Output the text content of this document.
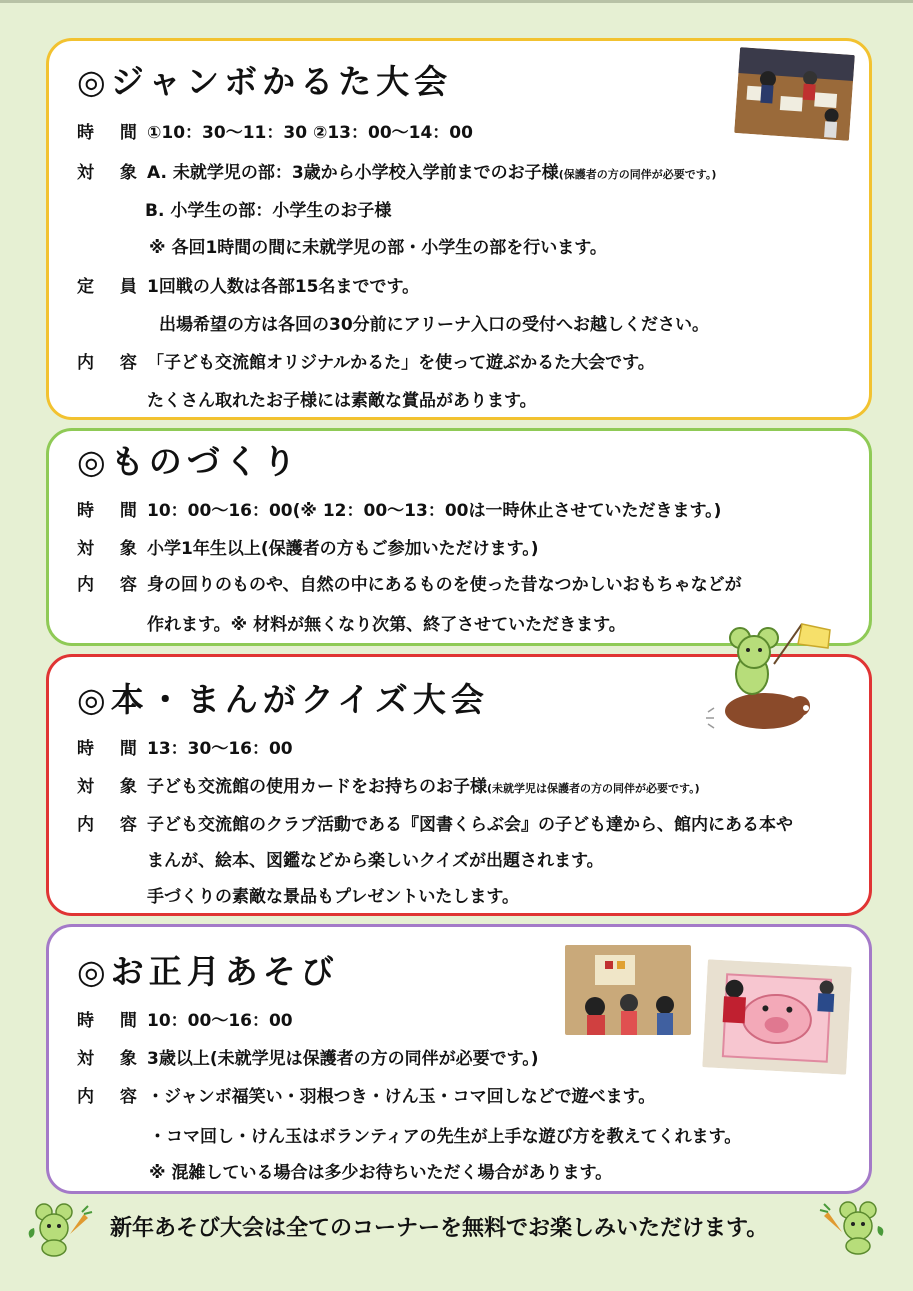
◎ジャンボかるた大会
時 間①10：30〜11：30 ②13：00〜14：00
対 象A. 未就学児の部：3歳から小学校入学前までのお子様(保護者の方の同伴が必要です。)
B. 小学生の部：小学生のお子様
※ 各回1時間の間に未就学児の部・小学生の部を行います。
定 員1回戦の人数は各部15名までです。
出場希望の方は各回の30分前にアリーナ入口の受付へお越しください。
内 容「子ども交流館オリジナルかるた」を使って遊ぶかるた大会です。
たくさん取れたお子様には素敵な賞品があります。
◎ものづくり
時 間10：00〜16：00(※ 12：00〜13：00は一時休止させていただきます。)
対 象小学1年生以上(保護者の方もご参加いただけます。)
内 容身の回りのものや、自然の中にあるものを使った昔なつかしいおもちゃなどが
作れます。※ 材料が無くなり次第、終了させていただきます。
◎本・まんがクイズ大会
時 間13：30〜16：00
対 象子ども交流館の使用カードをお持ちのお子様(未就学児は保護者の方の同伴が必要です。)
内 容子ども交流館のクラブ活動である『図書くらぶ会』の子ども達から、館内にある本や
まんが、絵本、図鑑などから楽しいクイズが出題されます。
手づくりの素敵な景品もプレゼントいたします。
◎お正月あそび
時 間10：00〜16：00
対 象3歳以上(未就学児は保護者の方の同伴が必要です。)
内 容・ジャンボ福笑い・羽根つき・けん玉・コマ回しなどで遊べます。
・コマ回し・けん玉はボランティアの先生が上手な遊び方を教えてくれます。
※ 混雑している場合は多少お待ちいただく場合があります。
新年あそび大会は全てのコーナーを無料でお楽しみいただけます。
